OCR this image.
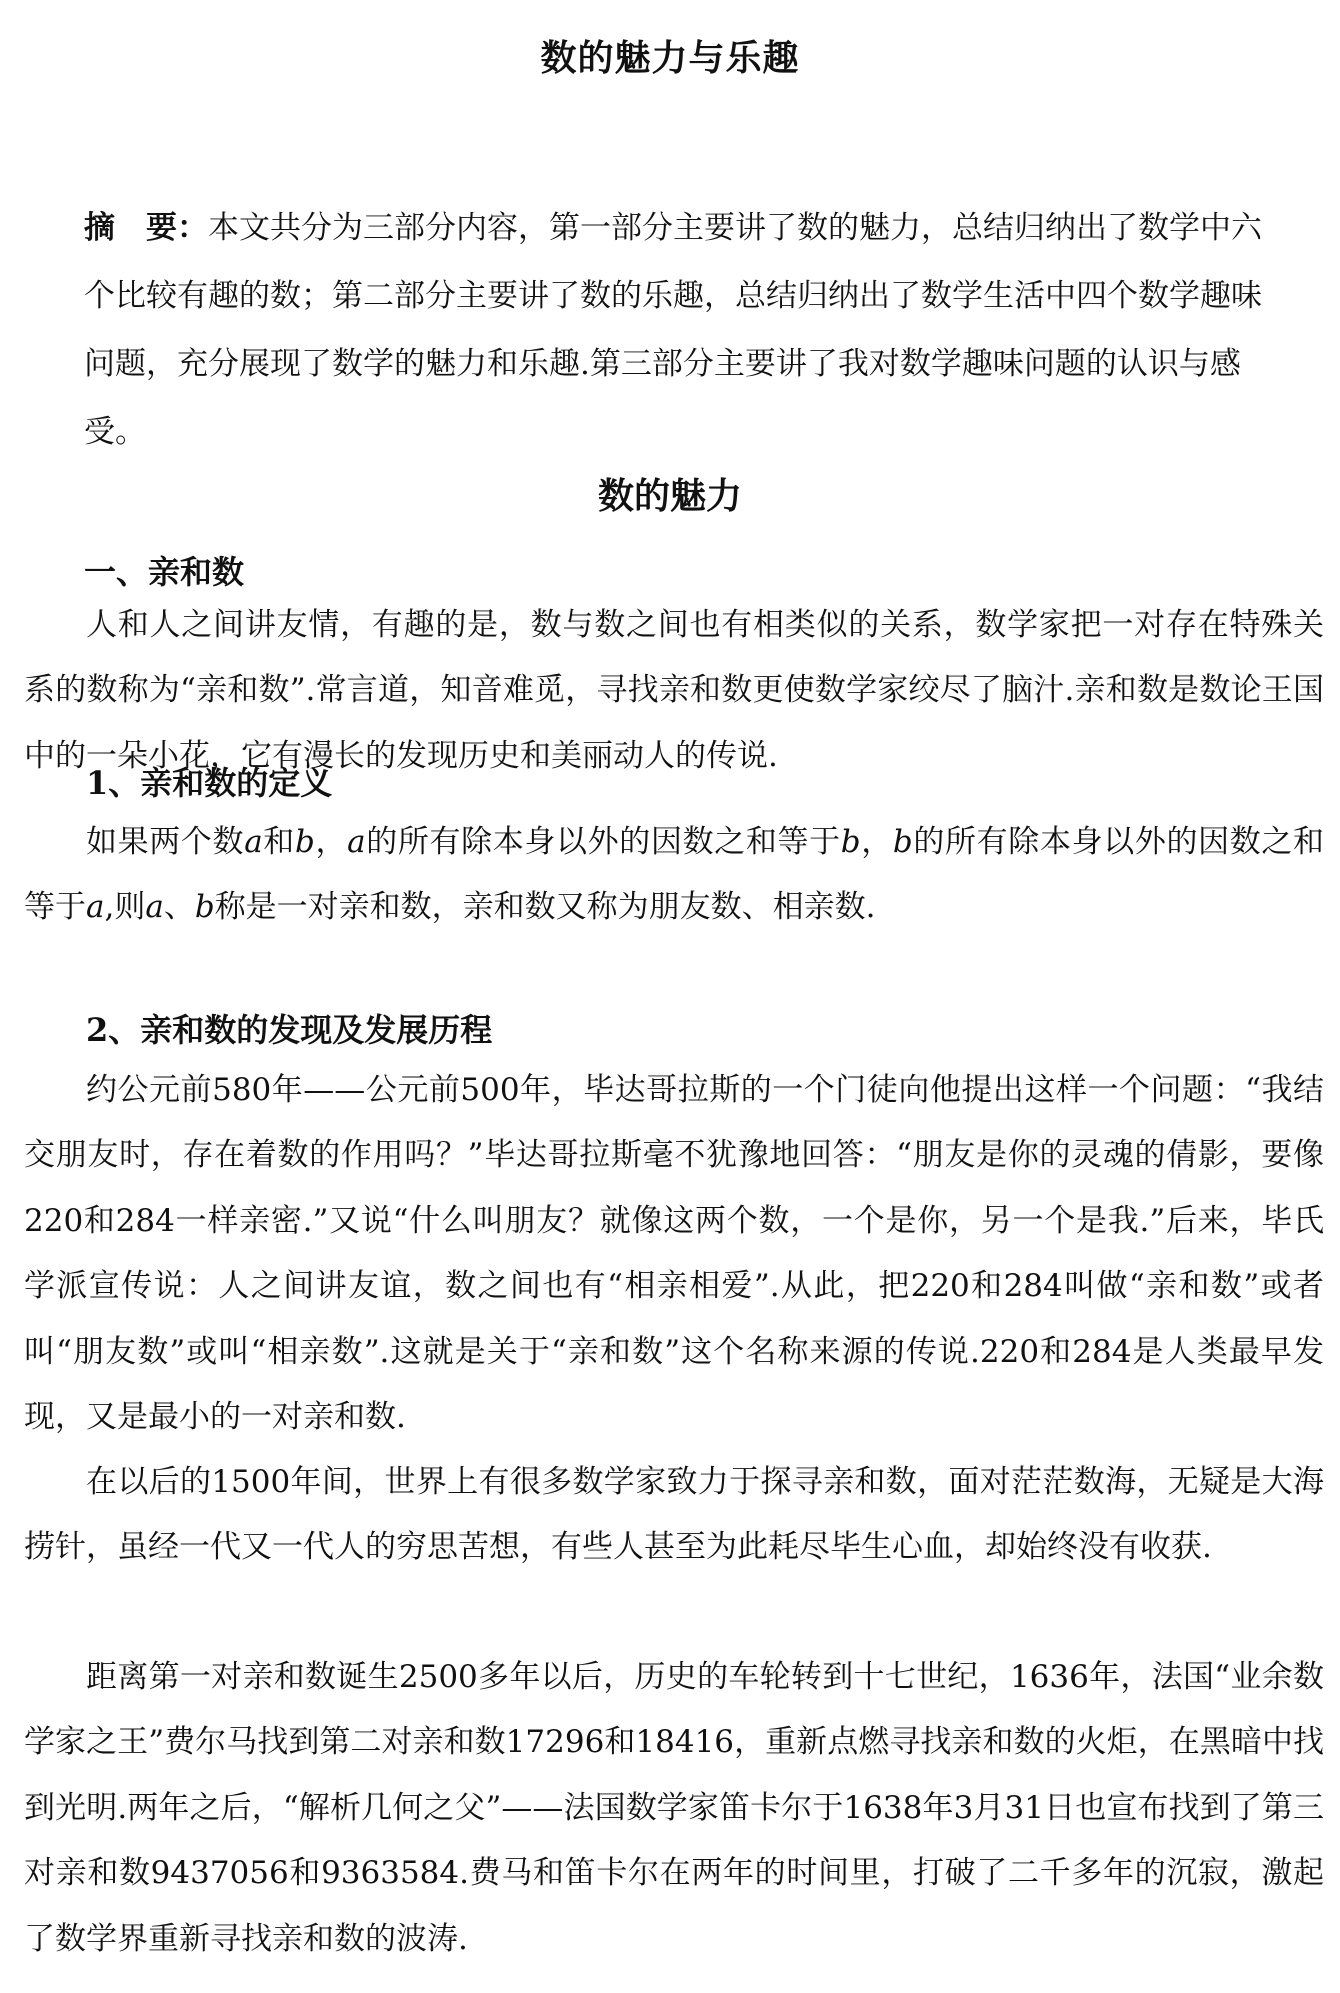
数的魅力与乐趣
摘　要：本文共分为三部分内容，第一部分主要讲了数的魅力，总结归纳出了数学中六个比较有趣的数；第二部分主要讲了数的乐趣，总结归纳出了数学生活中四个数学趣味问题，充分展现了数学的魅力和乐趣.第三部分主要讲了我对数学趣味问题的认识与感受。
数的魅力
一、亲和数
人和人之间讲友情，有趣的是，数与数之间也有相类似的关系，数学家把一对存在特殊关系的数称为“亲和数”.常言道，知音难觅，寻找亲和数更使数学家绞尽了脑汁.亲和数是数论王国中的一朵小花，它有漫长的发现历史和美丽动人的传说.
1、亲和数的定义
如果两个数a和b，a的所有除本身以外的因数之和等于b，b的所有除本身以外的因数之和等于a,则a、b称是一对亲和数，亲和数又称为朋友数、相亲数.
2、亲和数的发现及发展历程
约公元前580年——公元前500年，毕达哥拉斯的一个门徒向他提出这样一个问题：“我结交朋友时，存在着数的作用吗？”毕达哥拉斯毫不犹豫地回答：“朋友是你的灵魂的倩影，要像220和284一样亲密.”又说“什么叫朋友？就像这两个数，一个是你，另一个是我.”后来，毕氏学派宣传说：人之间讲友谊，数之间也有“相亲相爱”.从此，把220和284叫做“亲和数”或者叫“朋友数”或叫“相亲数”.这就是关于“亲和数”这个名称来源的传说.220和284是人类最早发现，又是最小的一对亲和数.
在以后的1500年间，世界上有很多数学家致力于探寻亲和数，面对茫茫数海，无疑是大海捞针，虽经一代又一代人的穷思苦想，有些人甚至为此耗尽毕生心血，却始终没有收获.
距离第一对亲和数诞生2500多年以后，历史的车轮转到十七世纪，1636年，法国“业余数学家之王”费尔马找到第二对亲和数17296和18416，重新点燃寻找亲和数的火炬，在黑暗中找到光明.两年之后，“解析几何之父”——法国数学家笛卡尔于1638年3月31日也宣布找到了第三对亲和数9437056和9363584.费马和笛卡尔在两年的时间里，打破了二千多年的沉寂，激起了数学界重新寻找亲和数的波涛.
